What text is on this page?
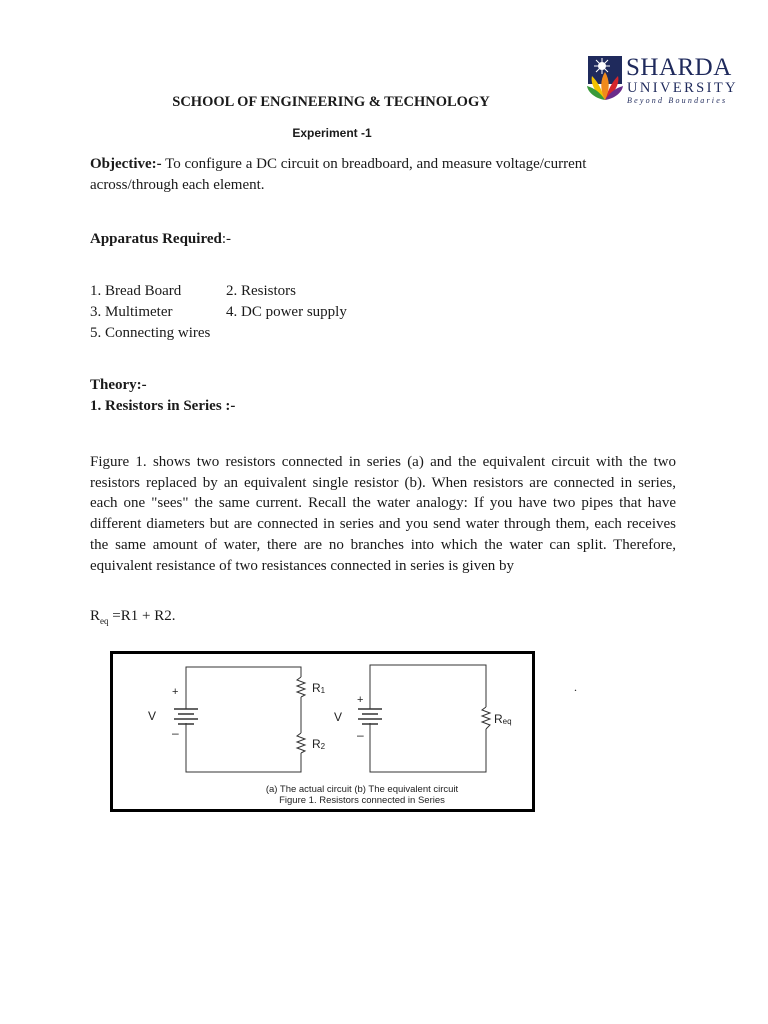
SHARDA
UNIVERSITY
Beyond Boundaries
SCHOOL OF ENGINEERING & TECHNOLOGY
Experiment -1
Objective:- To configure a DC circuit on breadboard, and measure voltage/current across/through each element.
Apparatus Required:-
1. Bread Board	2. Resistors
3. Multimeter	4. DC power supply
5. Connecting wires
Theory:-
1. Resistors in Series :-
Figure 1. shows two resistors connected in series (a) and the equivalent circuit with the two resistors replaced by an equivalent single resistor (b). When resistors are connected in series, each one "sees" the same current. Recall the water analogy: If you have two pipes that have different diameters but are connected in series and you send water through them, each receives the same amount of water, there are no branches into which the water can split. Therefore, equivalent resistance of two resistances connected in series is given by
$R_{eq} =R1 + R2$.
+
–
V
R1
R2
+
–
V	Req
(a) The actual circuit (b) The equivalent circuit
Figure 1. Resistors connected in Series
.
